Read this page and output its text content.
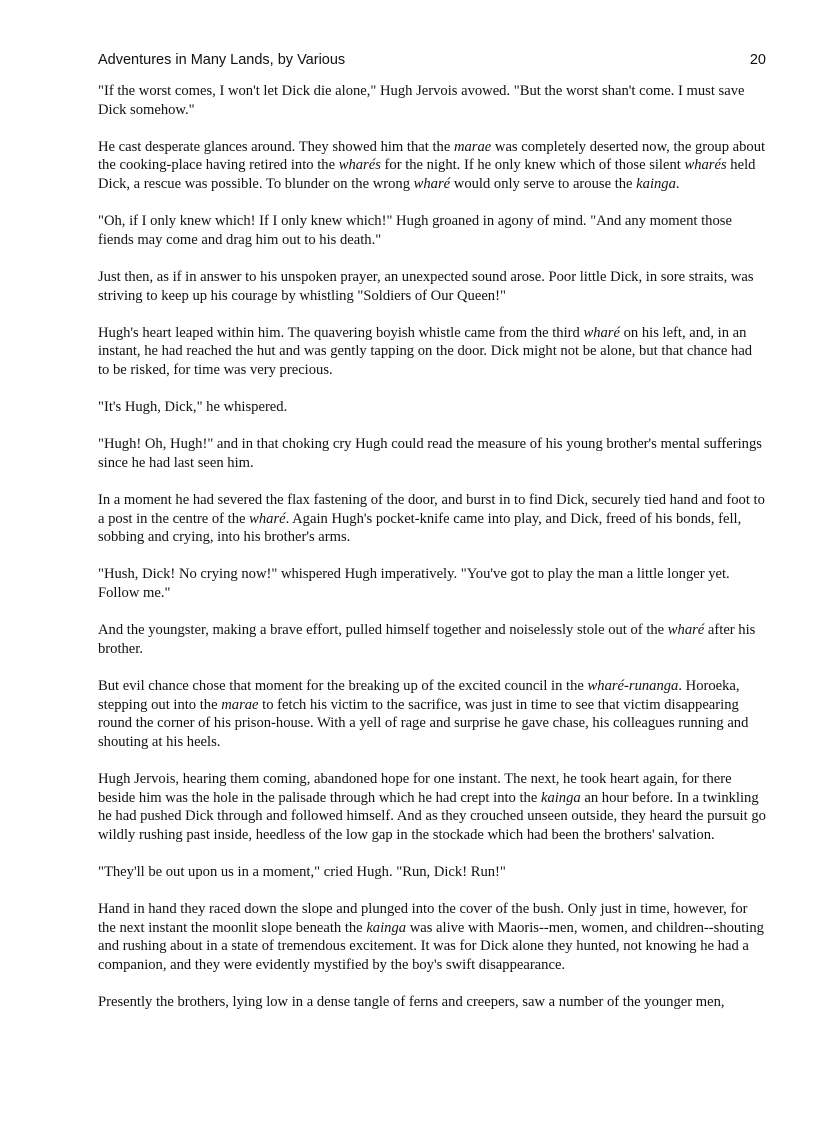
Adventures in Many Lands, by Various	20

"If the worst comes, I won't let Dick die alone," Hugh Jervois avowed. "But the worst shan't come. I must save Dick somehow."

He cast desperate glances around. They showed him that the marae was completely deserted now, the group about the cooking-place having retired into the wharés for the night. If he only knew which of those silent wharés held Dick, a rescue was possible. To blunder on the wrong wharé would only serve to arouse the kainga.

"Oh, if I only knew which! If I only knew which!" Hugh groaned in agony of mind. "And any moment those fiends may come and drag him out to his death."

Just then, as if in answer to his unspoken prayer, an unexpected sound arose. Poor little Dick, in sore straits, was striving to keep up his courage by whistling "Soldiers of Our Queen!"

Hugh's heart leaped within him. The quavering boyish whistle came from the third wharé on his left, and, in an instant, he had reached the hut and was gently tapping on the door. Dick might not be alone, but that chance had to be risked, for time was very precious.

"It's Hugh, Dick," he whispered.

"Hugh! Oh, Hugh!" and in that choking cry Hugh could read the measure of his young brother's mental sufferings since he had last seen him.

In a moment he had severed the flax fastening of the door, and burst in to find Dick, securely tied hand and foot to a post in the centre of the wharé. Again Hugh's pocket-knife came into play, and Dick, freed of his bonds, fell, sobbing and crying, into his brother's arms.

"Hush, Dick! No crying now!" whispered Hugh imperatively. "You've got to play the man a little longer yet. Follow me."

And the youngster, making a brave effort, pulled himself together and noiselessly stole out of the wharé after his brother.

But evil chance chose that moment for the breaking up of the excited council in the wharé-runanga. Horoeka, stepping out into the marae to fetch his victim to the sacrifice, was just in time to see that victim disappearing round the corner of his prison-house. With a yell of rage and surprise he gave chase, his colleagues running and shouting at his heels.

Hugh Jervois, hearing them coming, abandoned hope for one instant. The next, he took heart again, for there beside him was the hole in the palisade through which he had crept into the kainga an hour before. In a twinkling he had pushed Dick through and followed himself. And as they crouched unseen outside, they heard the pursuit go wildly rushing past inside, heedless of the low gap in the stockade which had been the brothers' salvation.

"They'll be out upon us in a moment," cried Hugh. "Run, Dick! Run!"

Hand in hand they raced down the slope and plunged into the cover of the bush. Only just in time, however, for the next instant the moonlit slope beneath the kainga was alive with Maoris--men, women, and children--shouting and rushing about in a state of tremendous excitement. It was for Dick alone they hunted, not knowing he had a companion, and they were evidently mystified by the boy's swift disappearance.

Presently the brothers, lying low in a dense tangle of ferns and creepers, saw a number of the younger men,
